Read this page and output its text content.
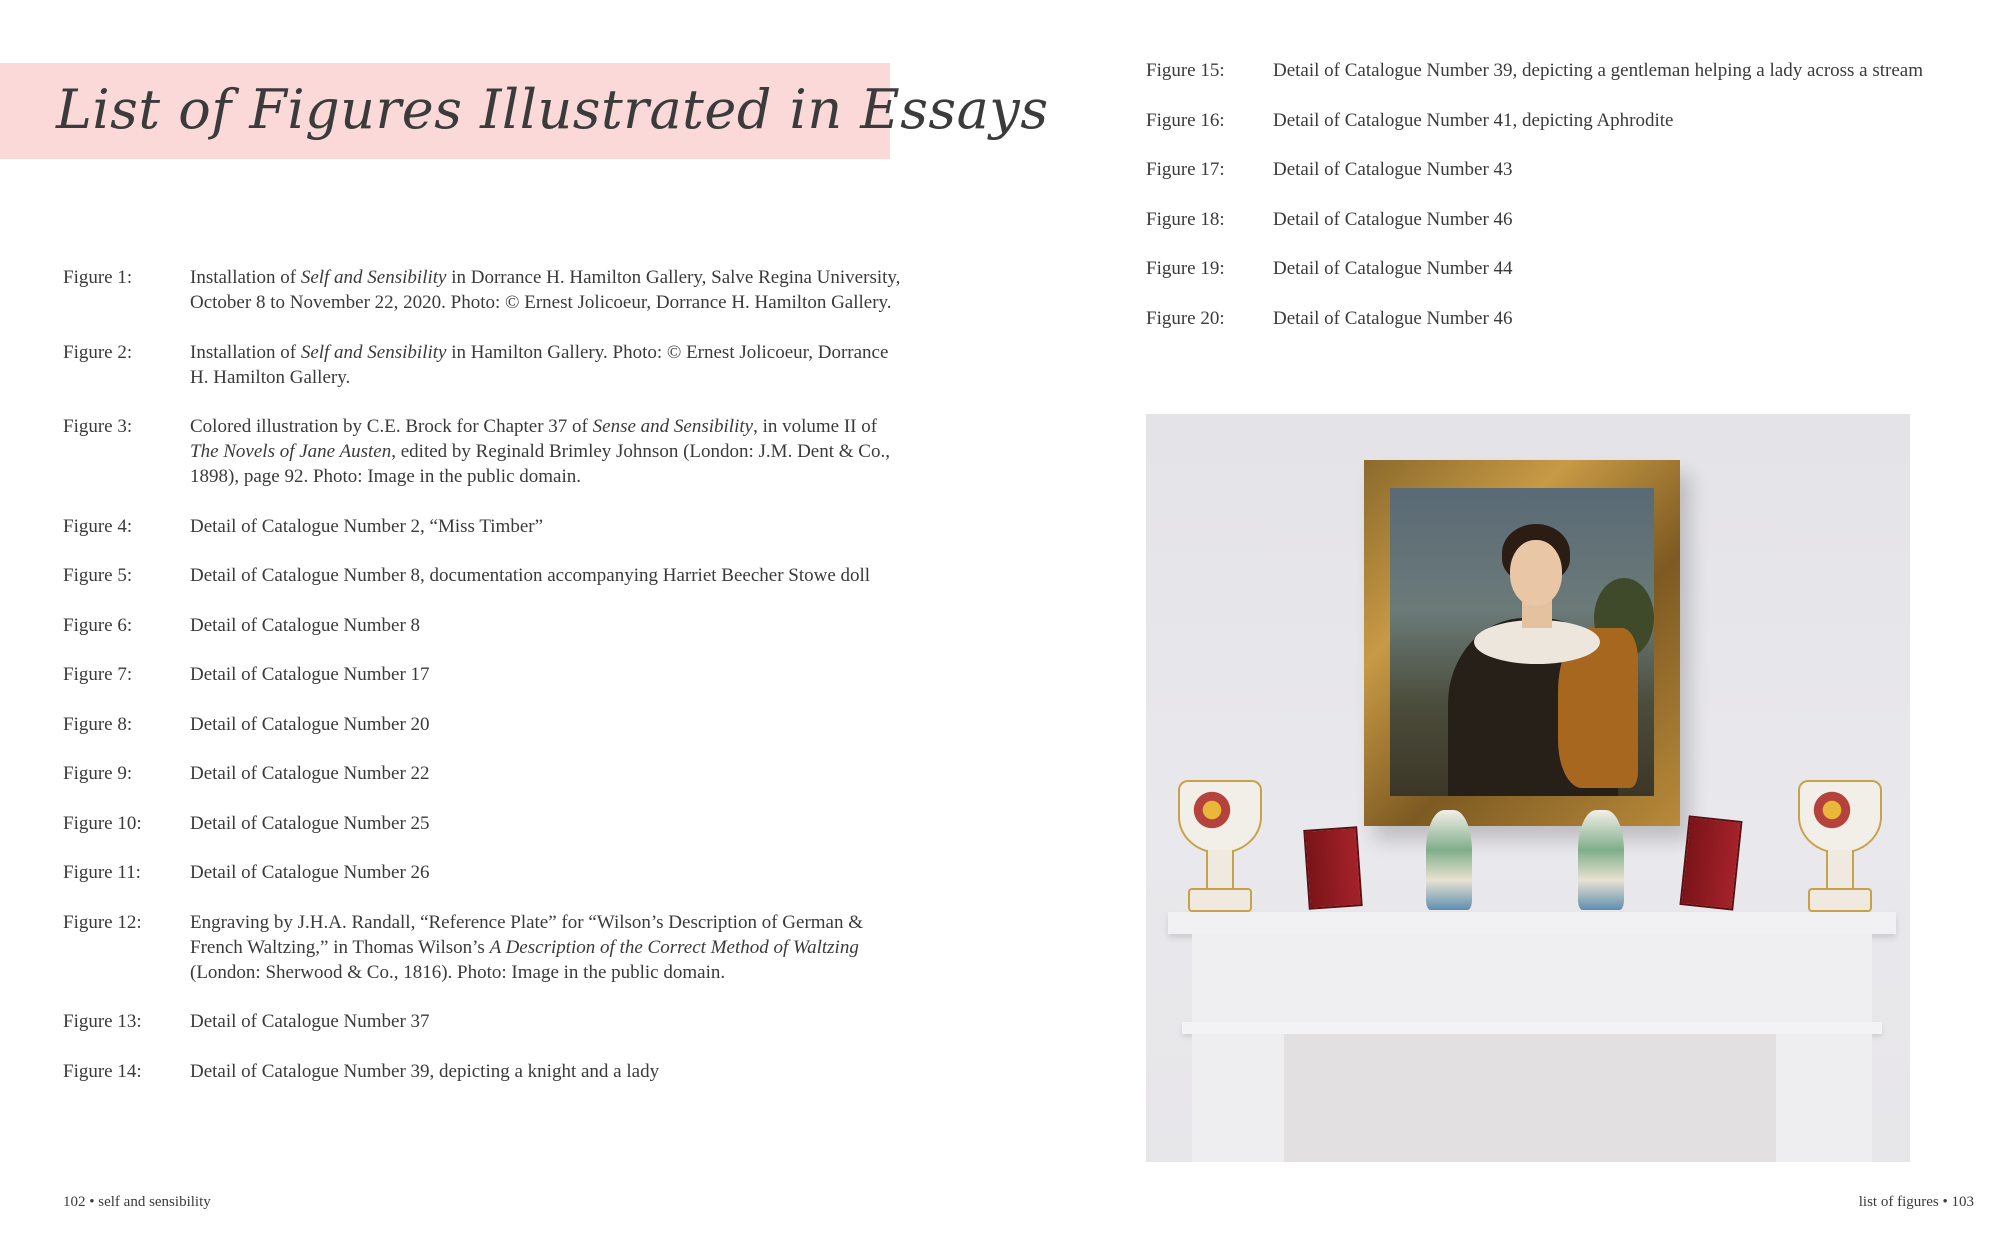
List of Figures Illustrated in Essays
Figure 1:	Installation of Self and Sensibility in Dorrance H. Hamilton Gallery, Salve Regina University, October 8 to November 22, 2020. Photo: © Ernest Jolicoeur, Dorrance H. Hamilton Gallery.
Figure 2:	Installation of Self and Sensibility in Hamilton Gallery. Photo: © Ernest Jolicoeur, Dorrance H. Hamilton Gallery.
Figure 3:	Colored illustration by C.E. Brock for Chapter 37 of Sense and Sensibility, in volume II of The Novels of Jane Austen, edited by Reginald Brimley Johnson (London: J.M. Dent & Co., 1898), page 92. Photo: Image in the public domain.
Figure 4:	Detail of Catalogue Number 2, “Miss Timber”
Figure 5:	Detail of Catalogue Number 8, documentation accompanying Harriet Beecher Stowe doll
Figure 6:	Detail of Catalogue Number 8
Figure 7:	Detail of Catalogue Number 17
Figure 8:	Detail of Catalogue Number 20
Figure 9:	Detail of Catalogue Number 22
Figure 10:	Detail of Catalogue Number 25
Figure 11:	Detail of Catalogue Number 26
Figure 12:	Engraving by J.H.A. Randall, “Reference Plate” for “Wilson’s Description of German & French Waltzing,” in Thomas Wilson’s A Description of the Correct Method of Waltzing (London: Sherwood & Co., 1816). Photo: Image in the public domain.
Figure 13:	Detail of Catalogue Number 37
Figure 14:	Detail of Catalogue Number 39, depicting a knight and a lady
Figure 15:	Detail of Catalogue Number 39, depicting a gentleman helping a lady across a stream
Figure 16:	Detail of Catalogue Number 41, depicting Aphrodite
Figure 17:	Detail of Catalogue Number 43
Figure 18:	Detail of Catalogue Number 46
Figure 19:	Detail of Catalogue Number 44
Figure 20:	Detail of Catalogue Number 46
102 • self and sensibility	list of figures • 103
